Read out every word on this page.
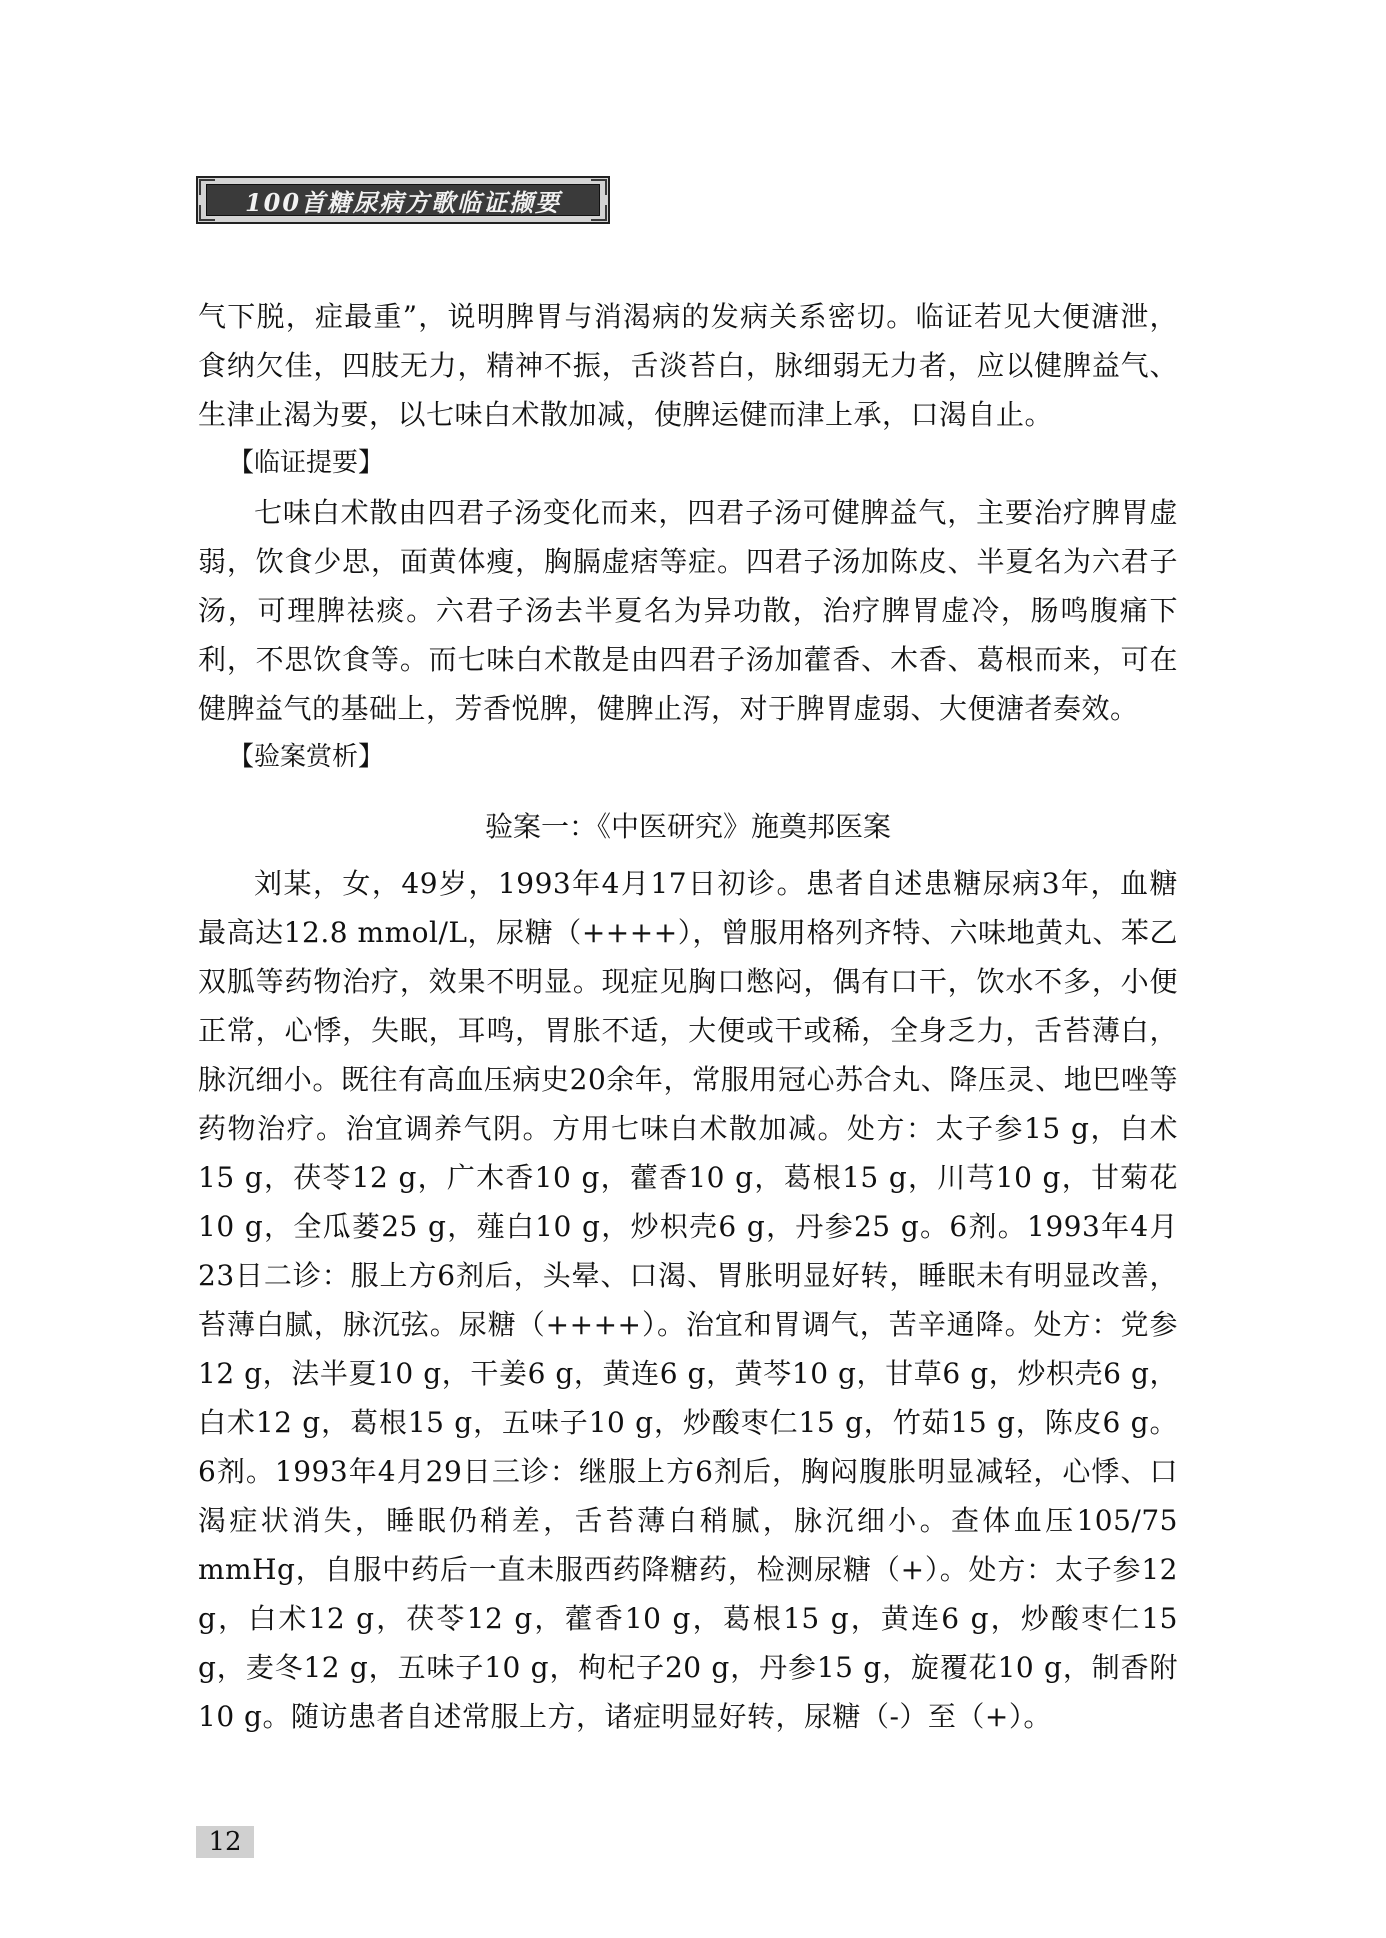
100首糖尿病方歌临证撷要

气下脱，症最重”，说明脾胃与消渴病的发病关系密切。临证若见大便溏泄，食纳欠佳，四肢无力，精神不振，舌淡苔白，脉细弱无力者，应以健脾益气、生津止渴为要，以七味白术散加减，使脾运健而津上承，口渴自止。

【临证提要】

七味白术散由四君子汤变化而来，四君子汤可健脾益气，主要治疗脾胃虚弱，饮食少思，面黄体瘦，胸膈虚痞等症。四君子汤加陈皮、半夏名为六君子汤，可理脾祛痰。六君子汤去半夏名为异功散，治疗脾胃虚冷，肠鸣腹痛下利，不思饮食等。而七味白术散是由四君子汤加藿香、木香、葛根而来，可在健脾益气的基础上，芳香悦脾，健脾止泻，对于脾胃虚弱、大便溏者奏效。

【验案赏析】
验案一：《中医研究》施奠邦医案

刘某，女，49岁，1993年4月17日初诊。患者自述患糖尿病3年，血糖最高达12.8 mmol/L，尿糖（++++），曾服用格列齐特、六味地黄丸、苯乙双胍等药物治疗，效果不明显。现症见胸口憋闷，偶有口干，饮水不多，小便正常，心悸，失眠，耳鸣，胃胀不适，大便或干或稀，全身乏力，舌苔薄白，脉沉细小。既往有高血压病史20余年，常服用冠心苏合丸、降压灵、地巴唑等药物治疗。治宜调养气阴。方用七味白术散加减。处方：太子参15 g，白术15 g，茯苓12 g，广木香10 g，藿香10 g，葛根15 g，川芎10 g，甘菊花10 g，全瓜蒌25 g，薤白10 g，炒枳壳6 g，丹参25 g。6剂。1993年4月23日二诊：服上方6剂后，头晕、口渴、胃胀明显好转，睡眠未有明显改善，苔薄白腻，脉沉弦。尿糖（++++）。治宜和胃调气，苦辛通降。处方：党参12 g，法半夏10 g，干姜6 g，黄连6 g，黄芩10 g，甘草6 g，炒枳壳6 g，白术12 g，葛根15 g，五味子10 g，炒酸枣仁15 g，竹茹15 g，陈皮6 g。6剂。1993年4月29日三诊：继服上方6剂后，胸闷腹胀明显减轻，心悸、口渴症状消失，睡眠仍稍差，舌苔薄白稍腻，脉沉细小。查体血压105/75 mmHg，自服中药后一直未服西药降糖药，检测尿糖（+）。处方：太子参12 g，白术12 g，茯苓12 g，藿香10 g，葛根15 g，黄连6 g，炒酸枣仁15 g，麦冬12 g，五味子10 g，枸杞子20 g，丹参15 g，旋覆花10 g，制香附10 g。随访患者自述常服上方，诸症明显好转，尿糖（-）至（+）。

12
